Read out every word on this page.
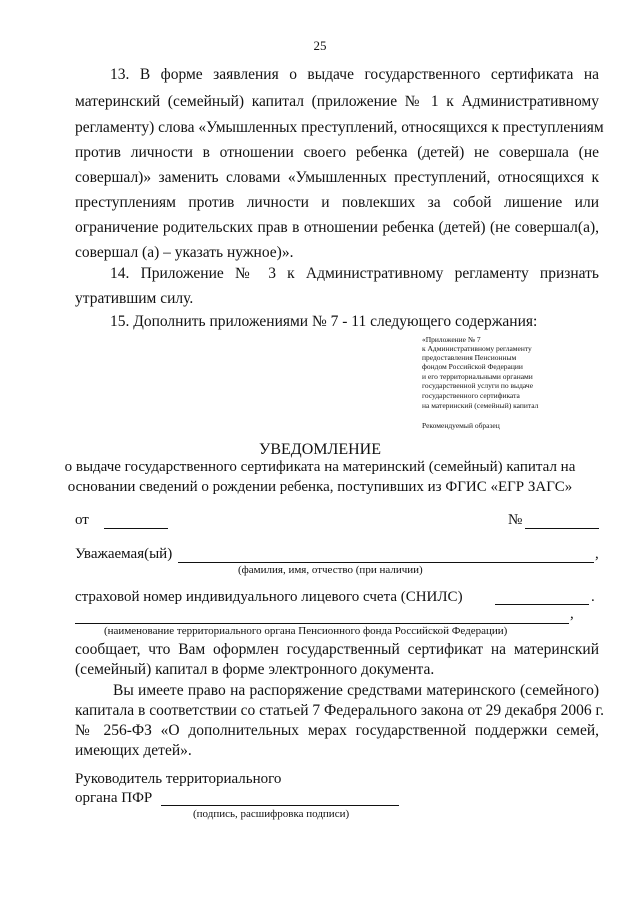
25
13. В форме заявления о выдаче государственного сертификата на
материнский (семейный) капитал (приложение № 1 к Административному
регламенту) слова «Умышленных преступлений, относящихся к преступлениям
против личности в отношении своего ребенка (детей) не совершала (не
совершал)» заменить словами «Умышленных преступлений, относящихся к
преступлениям против личности и повлекших за собой лишение или
ограничение родительских прав в отношении ребенка (детей) (не совершал(а),
совершал (а) – указать нужное)».
14. Приложение № 3 к Административному регламенту признать
утратившим силу.
15. Дополнить приложениями № 7 - 11 следующего содержания:
«Приложение № 7
к Административному регламенту
предоставления Пенсионным
фондом Российской Федерации
и его территориальными органами
государственной услуги по выдаче
государственного сертификата
на материнский (семейный) капитал
Рекомендуемый образец
УВЕДОМЛЕНИЕ
о выдаче государственного сертификата на материнский (семейный) капитал на
основании сведений о рождении ребенка, поступивших из ФГИС «ЕГР ЗАГС»
от	№
Уважаемая(ый)	,
(фамилия, имя, отчество (при наличии)
страховой номер индивидуального лицевого счета (СНИЛС)	.
,
(наименование территориального органа Пенсионного фонда Российской Федерации)
сообщает, что Вам оформлен государственный сертификат на материнский
(семейный) капитал в форме электронного документа.
Вы имеете право на распоряжение средствами материнского (семейного)
капитала в соответствии со статьей 7 Федерального закона от 29 декабря 2006 г.
№ 256-ФЗ «О дополнительных мерах государственной поддержки семей,
имеющих детей».
Руководитель территориального
органа ПФР
(подпись, расшифровка подписи)
